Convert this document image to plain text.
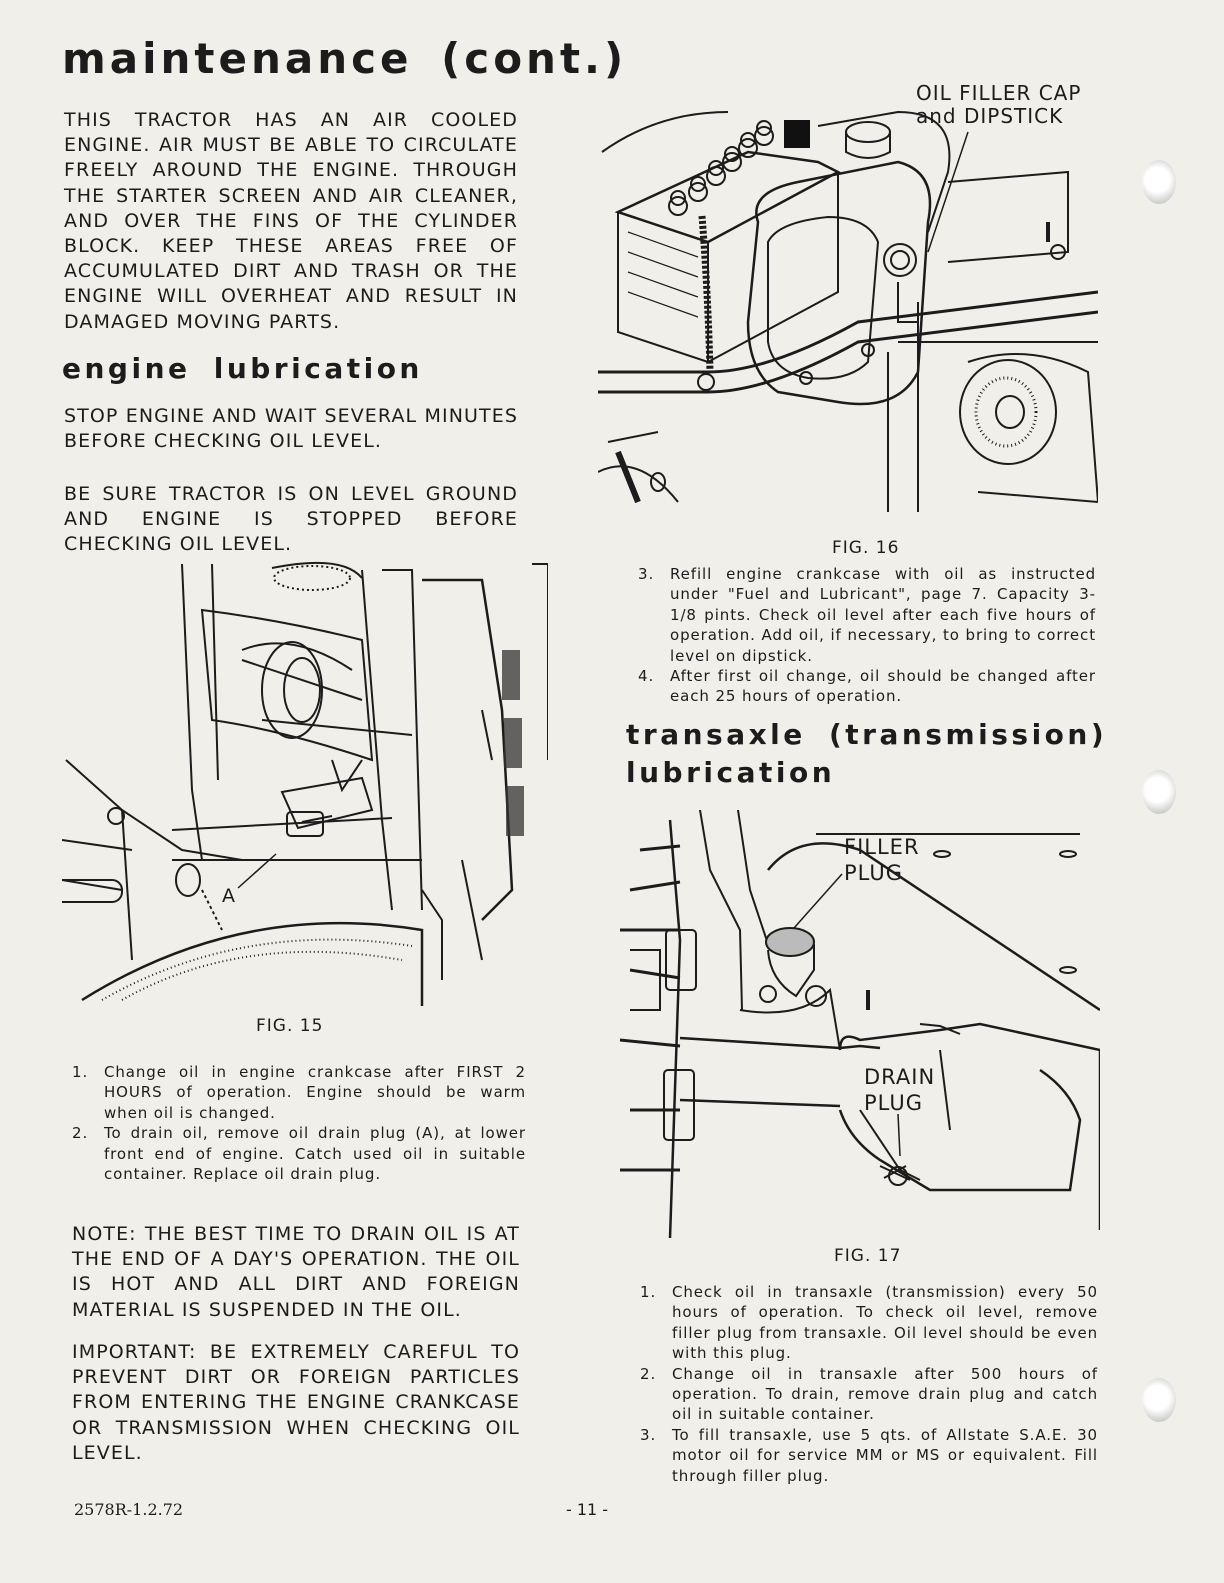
maintenance (cont.)

THIS TRACTOR HAS AN AIR COOLED ENGINE. AIR MUST BE ABLE TO CIRCULATE FREELY AROUND THE ENGINE. THROUGH THE STARTER SCREEN AND AIR CLEANER, AND OVER THE FINS OF THE CYLINDER BLOCK. KEEP THESE AREAS FREE OF ACCUMULATED DIRT AND TRASH OR THE ENGINE WILL OVERHEAT AND RESULT IN DAMAGED MOVING PARTS.

engine lubrication

STOP ENGINE AND WAIT SEVERAL MINUTES BEFORE CHECKING OIL LEVEL.

BE SURE TRACTOR IS ON LEVEL GROUND AND ENGINE IS STOPPED BEFORE CHECKING OIL LEVEL.

A

FIG. 15

1. Change oil in engine crankcase after FIRST 2 HOURS of operation. Engine should be warm when oil is changed.
2. To drain oil, remove oil drain plug (A), at lower front end of engine. Catch used oil in suitable container. Replace oil drain plug.

NOTE: THE BEST TIME TO DRAIN OIL IS AT THE END OF A DAY'S OPERATION. THE OIL IS HOT AND ALL DIRT AND FOREIGN MATERIAL IS SUSPENDED IN THE OIL.

IMPORTANT: BE EXTREMELY CAREFUL TO PREVENT DIRT OR FOREIGN PARTICLES FROM ENTERING THE ENGINE CRANKCASE OR TRANSMISSION WHEN CHECKING OIL LEVEL.

OIL FILLER CAP
and DIPSTICK

FIG. 16

3. Refill engine crankcase with oil as instructed under "Fuel and Lubricant", page 7. Capacity 3-1/8 pints. Check oil level after each five hours of operation. Add oil, if necessary, to bring to correct level on dipstick.
4. After first oil change, oil should be changed after each 25 hours of operation.
transaxle (transmission)
lubrication
FILLER
PLUG
DRAIN
PLUG

FIG. 17

1. Check oil in transaxle (transmission) every 50 hours of operation. To check oil level, remove filler plug from transaxle. Oil level should be even with this plug.
2. Change oil in transaxle after 500 hours of operation. To drain, remove drain plug and catch oil in suitable container.
3. To fill transaxle, use 5 qts. of Allstate S.A.E. 30 motor oil for service MM or MS or equivalent. Fill through filler plug.

2578R-1.2.72	- 11 -
